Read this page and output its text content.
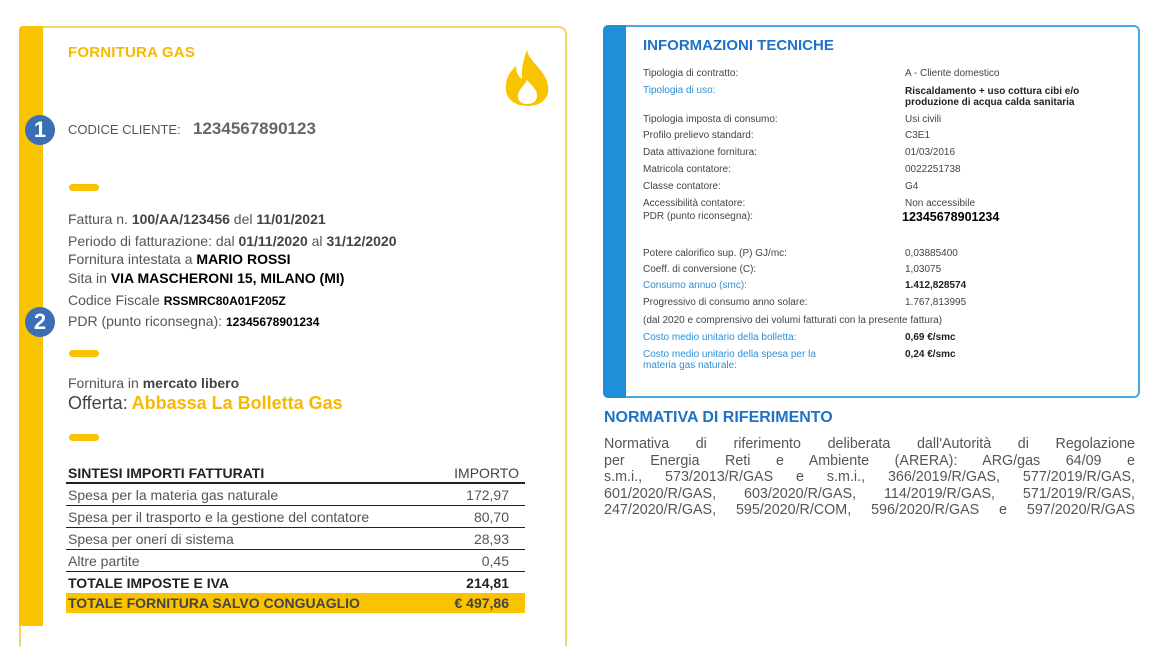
FORNITURA GAS
1	CODICE CLIENTE: 1234567890123
Fattura n. 100/AA/123456 del 11/01/2021
Periodo di fatturazione: dal 01/11/2020 al 31/12/2020
Fornitura intestata a MARIO ROSSI
Sita in VIA MASCHERONI 15, MILANO (MI)
Codice Fiscale RSSMRC80A01F205Z
2	PDR (punto riconsegna): 12345678901234
Fornitura in mercato libero
Offerta: Abbassa La Bolletta Gas
SINTESI IMPORTI FATTURATI	IMPORTO
Spesa per la materia gas naturale	172,97
Spesa per il trasporto e la gestione del contatore	80,70
Spesa per oneri di sistema	28,93
Altre partite	0,45
TOTALE IMPOSTE E IVA	214,81
TOTALE FORNITURA SALVO CONGUAGLIO	€ 497,86
INFORMAZIONI TECNICHE
Tipologia di contratto:	A - Cliente domestico
Tipologia di uso:	Riscaldamento + uso cottura cibi e/o
produzione di acqua calda sanitaria
Tipologia imposta di consumo:	Usi civili
Profilo prelievo standard:	C3E1
Data attivazione fornitura:	01/03/2016
Matricola contatore:	0022251738
Classe contatore:	G4
Accessibilità contatore:	Non accessibile
PDR (punto riconsegna):	12345678901234
Potere calorifico sup. (P) GJ/mc:	0,03885400
Coeff. di conversione (C):	1,03075
Consumo annuo (smc):	1.412,828574
Progressivo di consumo anno solare:	1.767,813995
(dal 2020 e comprensivo dei volumi fatturati con la presente fattura)
Costo medio unitario della bolletta:	0,69 €/smc
Costo medio unitario della spesa per la
materia gas naturale:
0,24 €/smc
NORMATIVA DI RIFERIMENTO
Normativa di riferimento deliberata dall'Autorità di Regolazione
per Energia Reti e Ambiente (ARERA): ARG/gas 64/09 e
s.m.i., 573/2013/R/GAS e s.m.i., 366/2019/R/GAS, 577/2019/R/GAS,
601/2020/R/GAS, 603/2020/R/GAS, 114/2019/R/GAS, 571/2019/R/GAS,
247/2020/R/GAS, 595/2020/R/COM, 596/2020/R/GAS e 597/2020/R/GAS
